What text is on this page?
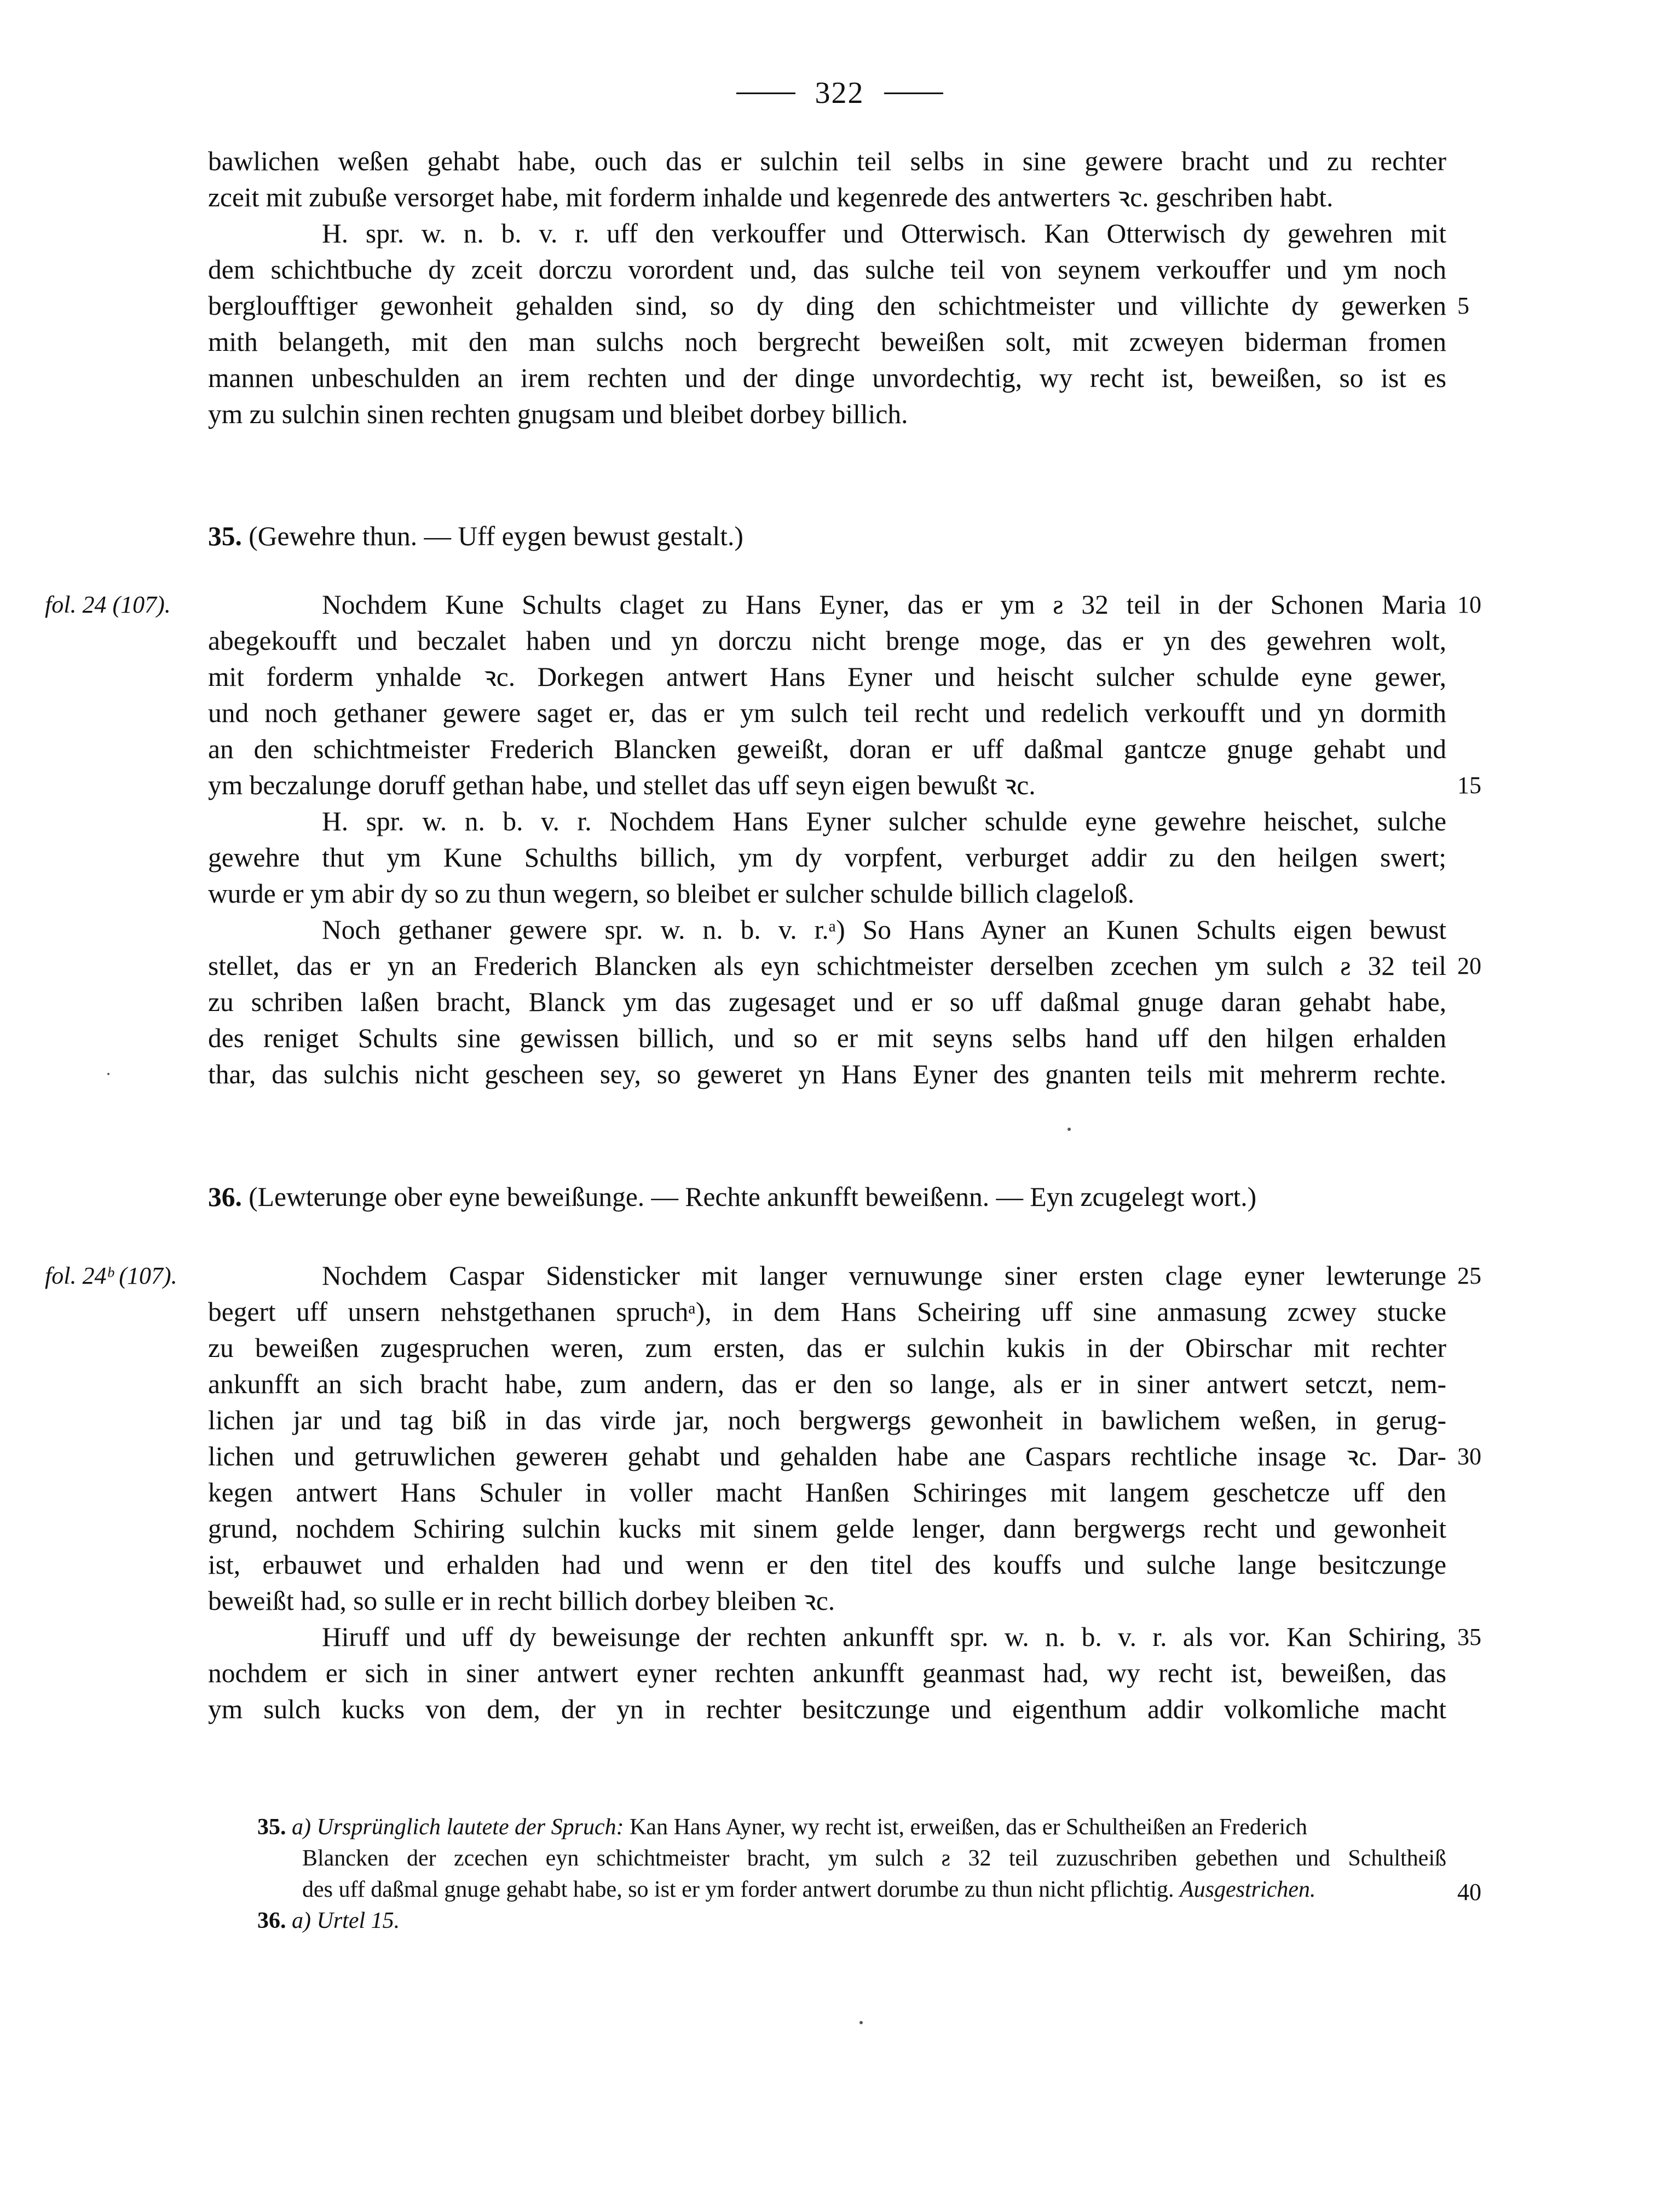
322
bawlichen weßen gehabt habe, ouch das er sulchin teil selbs in sine gewere bracht und zu rechter
zceit mit zubuße versorget habe, mit forderm inhalde und kegenrede des antwerters ꝛc. geschriben habt.
H. spr. w. n. b. v. r. uff den verkouffer und Otterwisch. Kan Otterwisch dy gewehren mit
dem schichtbuche dy zceit dorczu vorordent und, das sulche teil von seynem verkouffer und ym noch
bergloufftiger gewonheit gehalden sind, so dy ding den schichtmeister und villichte dy gewerken
mith belangeth, mit den man sulchs noch bergrecht beweißen solt, mit zcweyen biderman fromen
mannen unbeschulden an irem rechten und der dinge unvordechtig, wy recht ist, beweißen, so ist es
ym zu sulchin sinen rechten gnugsam und bleibet dorbey billich.
35. (Gewehre thun. — Uff eygen bewust gestalt.)
fol. 24 (107).	Nochdem Kune Schults claget zu Hans Eyner, das er ym ƨ 32 teil in der Schonen Maria
abegekoufft und beczalet haben und yn dorczu nicht brenge moge, das er yn des gewehren wolt,
mit forderm ynhalde ꝛc. Dorkegen antwert Hans Eyner und heischt sulcher schulde eyne gewer,
und noch gethaner gewere saget er, das er ym sulch teil recht und redelich verkoufft und yn dormith
an den schichtmeister Frederich Blancken geweißt, doran er uff daßmal gantcze gnuge gehabt und
ym beczalunge doruff gethan habe, und stellet das uff seyn eigen bewußt ꝛc.
H. spr. w. n. b. v. r. Nochdem Hans Eyner sulcher schulde eyne gewehre heischet, sulche
gewehre thut ym Kune Schulths billich, ym dy vorpfent, verburget addir zu den heilgen swert;
wurde er ym abir dy so zu thun wegern, so bleibet er sulcher schulde billich clageloß.
Noch gethaner gewere spr. w. n. b. v. r.ᵃ) So Hans Ayner an Kunen Schults eigen bewust
stellet, das er yn an Frederich Blancken als eyn schichtmeister derselben zcechen ym sulch ƨ 32 teil
zu schriben laßen bracht, Blanck ym das zugesaget und er so uff daßmal gnuge daran gehabt habe,
des reniget Schults sine gewissen billich, und so er mit seyns selbs hand uff den hilgen erhalden
thar, das sulchis nicht gescheen sey, so geweret yn Hans Eyner des gnanten teils mit mehrerm rechte.
36. (Lewterunge ober eyne beweißunge. — Rechte ankunfft beweißenn. — Eyn zcugelegt wort.)
fol. 24ᵇ (107).	Nochdem Caspar Sidensticker mit langer vernuwunge siner ersten clage eyner lewterunge
begert uff unsern nehstgethanen spruchᵃ), in dem Hans Scheiring uff sine anmasung zcwey stucke
zu beweißen zugespruchen weren, zum ersten, das er sulchin kukis in der Obirschar mit rechter
ankunfft an sich bracht habe, zum andern, das er den so lange, als er in siner antwert setczt, nem-
lichen jar und tag biß in das virde jar, noch bergwergs gewonheit in bawlichem weßen, in gerug-
lichen und getruwlichen gewerен gehabt und gehalden habe ane Caspars rechtliche insage ꝛc. Dar-
kegen antwert Hans Schuler in voller macht Hanßen Schiringes mit langem geschetcze uff den
grund, nochdem Schiring sulchin kucks mit sinem gelde lenger, dann bergwergs recht und gewonheit
ist, erbauwet und erhalden had und wenn er den titel des kouffs und sulche lange besitczunge
beweißt had, so sulle er in recht billich dorbey bleiben ꝛc.
Hiruff und uff dy beweisunge der rechten ankunfft spr. w. n. b. v. r. als vor. Kan Schiring,
nochdem er sich in siner antwert eyner rechten ankunfft geanmast had, wy recht ist, beweißen, das
ym sulch kucks von dem, der yn in rechter besitczunge und eigenthum addir volkomliche macht
5
10
15
20
25
30
35
40
35. a) Ursprünglich lautete der Spruch: Kan Hans Ayner, wy recht ist, erweißen, das er Schultheißen an Frederich
Blancken der zcechen eyn schichtmeister bracht, ym sulch ƨ 32 teil zuzuschriben gebethen und Schultheiß
des uff daßmal gnuge gehabt habe, so ist er ym forder antwert dorumbe zu thun nicht pflichtig. Ausgestrichen.
36. a) Urtel 15.
